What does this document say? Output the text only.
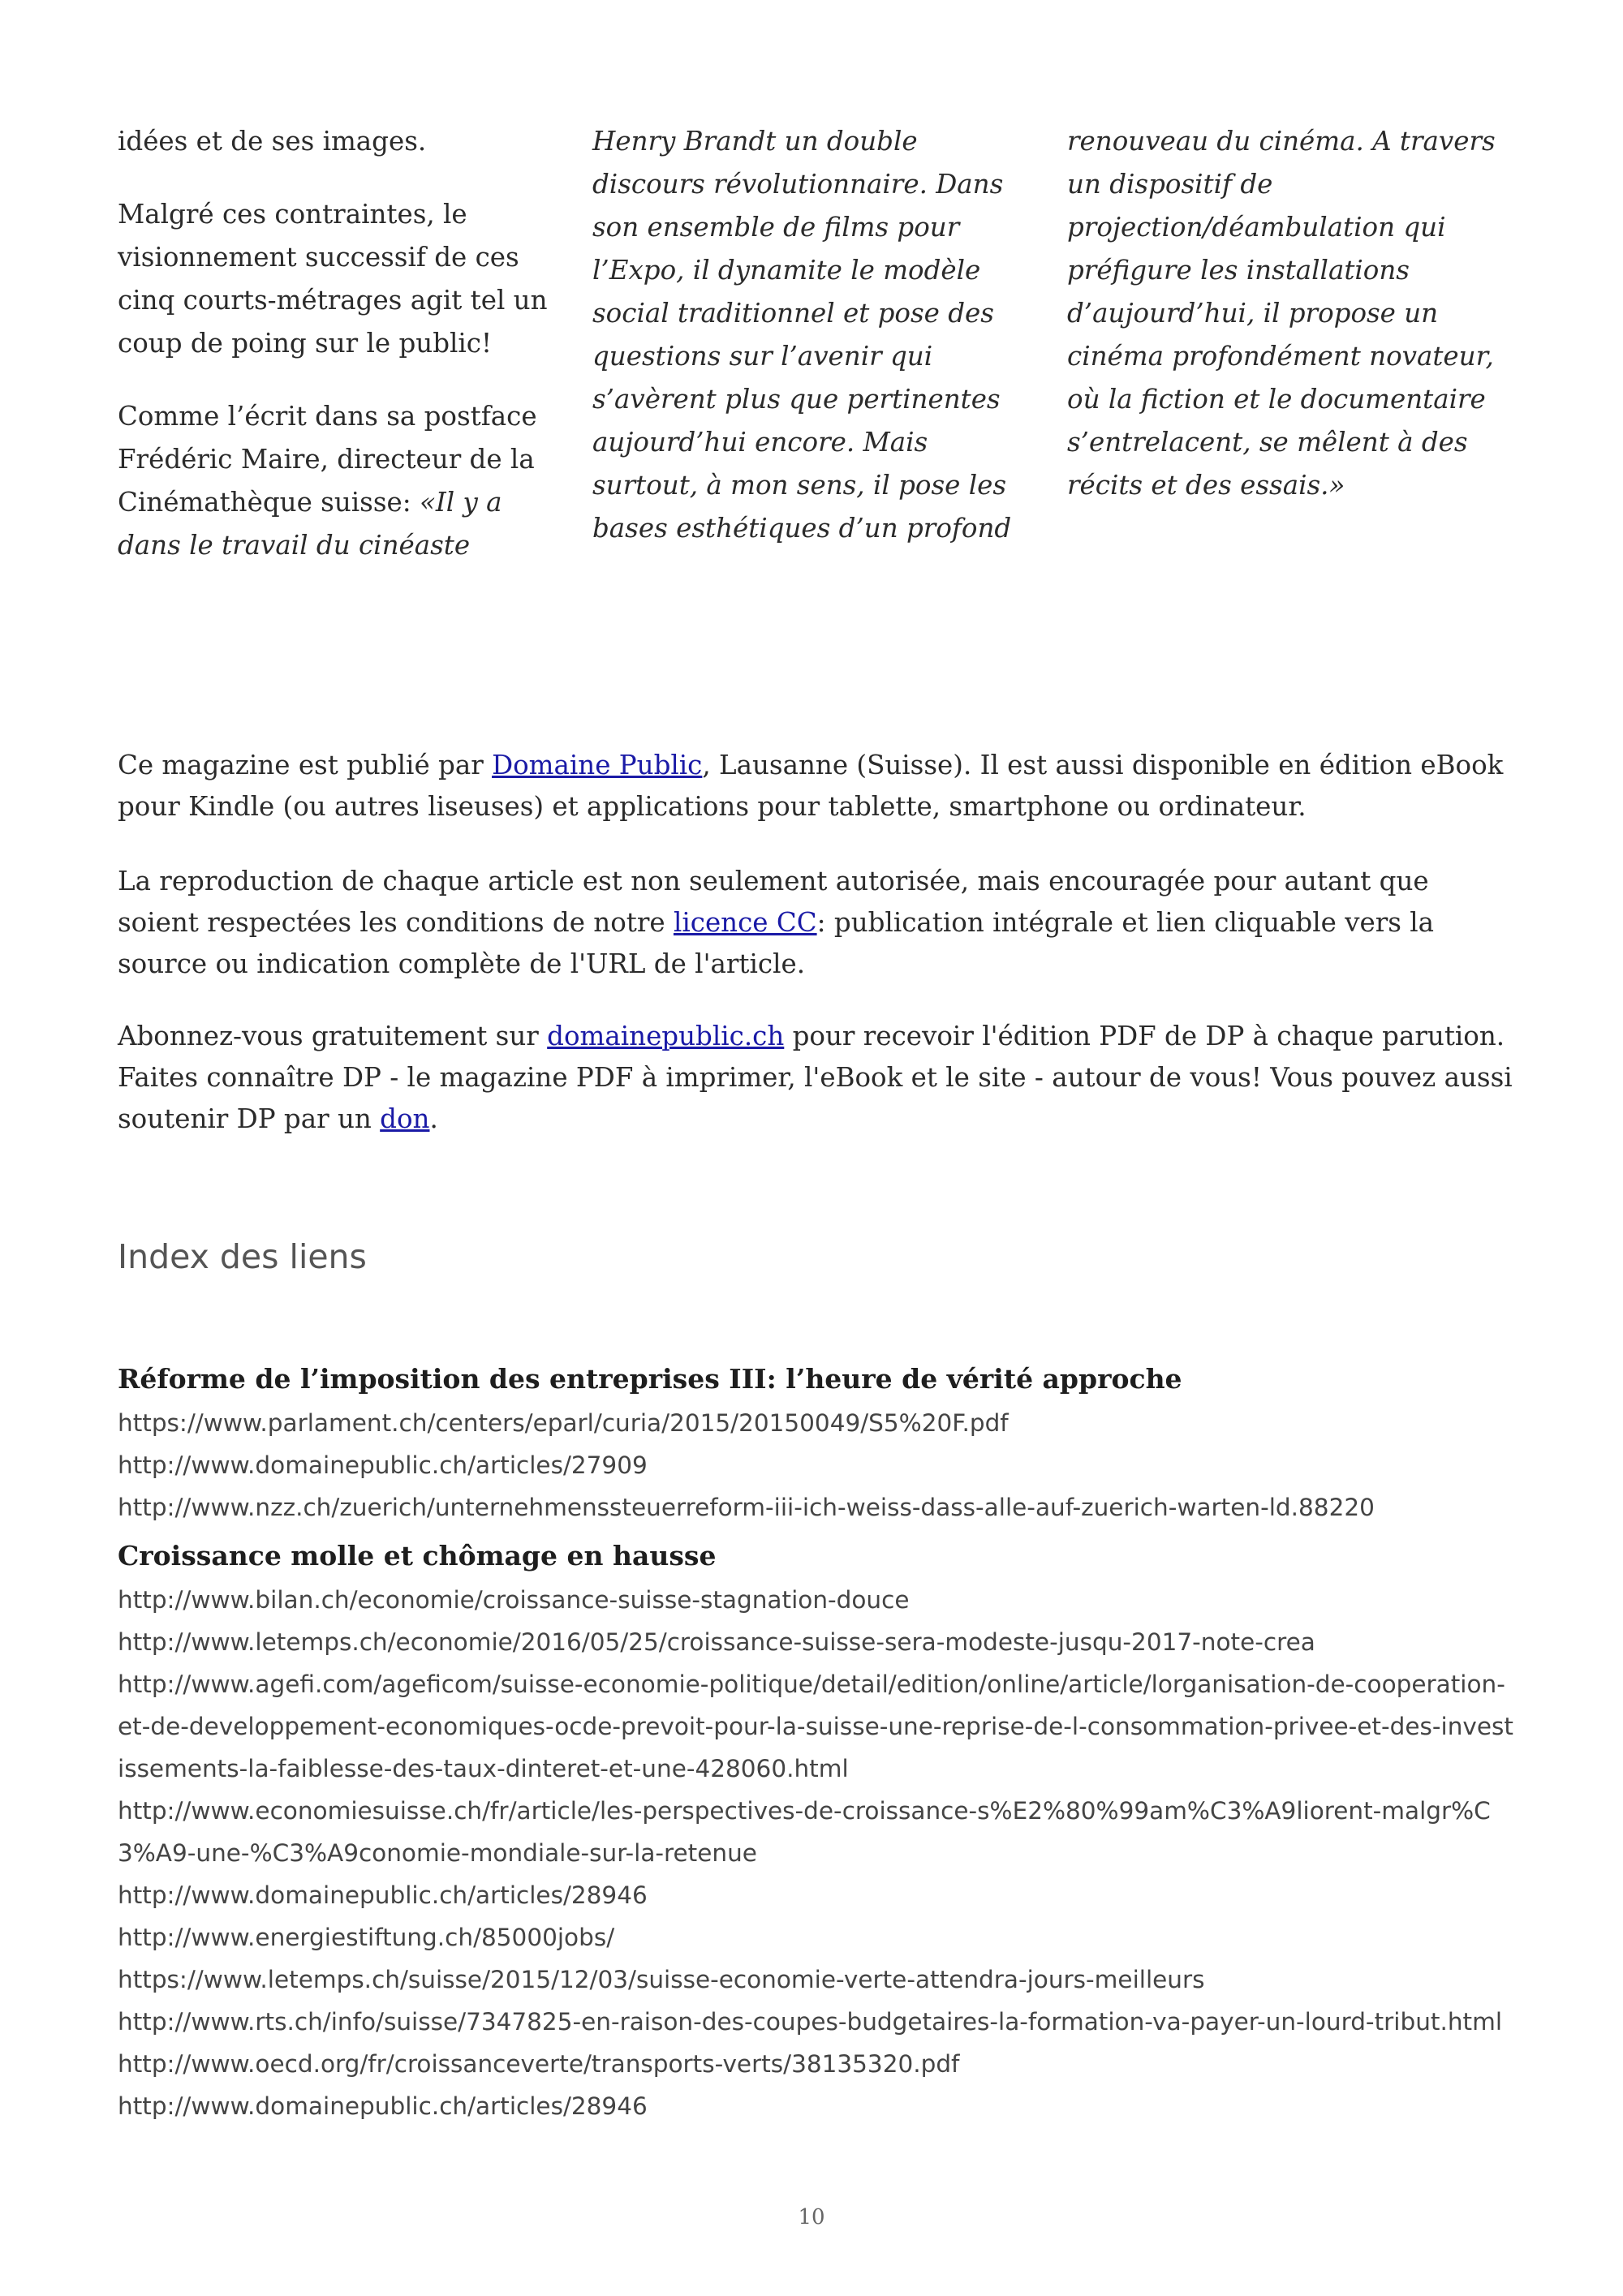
idées et de ses images.

Malgré ces contraintes, le visionnement successif de ces cinq courts-métrages agit tel un coup de poing sur le public!

Comme l’écrit dans sa postface Frédéric Maire, directeur de la Cinémathèque suisse: «Il y a dans le travail du cinéaste

Henry Brandt un double discours révolutionnaire. Dans son ensemble de films pour l’Expo, il dynamite le modèle social traditionnel et pose des questions sur l’avenir qui s’avèrent plus que pertinentes aujourd’hui encore. Mais surtout, à mon sens, il pose les bases esthétiques d’un profond

renouveau du cinéma. A travers un dispositif de projection/déambulation qui préfigure les installations d’aujourd’hui, il propose un cinéma profondément novateur, où la fiction et le documentaire s’entrelacent, se mêlent à des récits et des essais.»

Ce magazine est publié par Domaine Public, Lausanne (Suisse). Il est aussi disponible en édition eBook pour Kindle (ou autres liseuses) et applications pour tablette, smartphone ou ordinateur.

La reproduction de chaque article est non seulement autorisée, mais encouragée pour autant que soient respectées les conditions de notre licence CC: publication intégrale et lien cliquable vers la source ou indication complète de l'URL de l'article.

Abonnez-vous gratuitement sur domainepublic.ch pour recevoir l'édition PDF de DP à chaque parution. Faites connaître DP - le magazine PDF à imprimer, l'eBook et le site - autour de vous! Vous pouvez aussi soutenir DP par un don.

Index des liens

Réforme de l’imposition des entreprises III: l’heure de vérité approche

https://www.parlament.ch/centers/eparl/curia/2015/20150049/S5%20F.pdf

http://www.domainepublic.ch/articles/27909

http://www.nzz.ch/zuerich/unternehmenssteuerreform-iii-ich-weiss-dass-alle-auf-zuerich-warten-ld.88220

Croissance molle et chômage en hausse

http://www.bilan.ch/economie/croissance-suisse-stagnation-douce

http://www.letemps.ch/economie/2016/05/25/croissance-suisse-sera-modeste-jusqu-2017-note-crea

http://www.agefi.com/ageficom/suisse-economie-politique/detail/edition/online/article/lorganisation-de-cooperation-et-de-developpement-economiques-ocde-prevoit-pour-la-suisse-une-reprise-de-l-consommation-privee-et-des-investissements-la-faiblesse-des-taux-dinteret-et-une-428060.html

http://www.economiesuisse.ch/fr/article/les-perspectives-de-croissance-s%E2%80%99am%C3%A9liorent-malgr%C3%A9-une-%C3%A9conomie-mondiale-sur-la-retenue

http://www.domainepublic.ch/articles/28946

http://www.energiestiftung.ch/85000jobs/

https://www.letemps.ch/suisse/2015/12/03/suisse-economie-verte-attendra-jours-meilleurs

http://www.rts.ch/info/suisse/7347825-en-raison-des-coupes-budgetaires-la-formation-va-payer-un-lourd-tribut.html

http://www.oecd.org/fr/croissanceverte/transports-verts/38135320.pdf

http://www.domainepublic.ch/articles/28946

10
